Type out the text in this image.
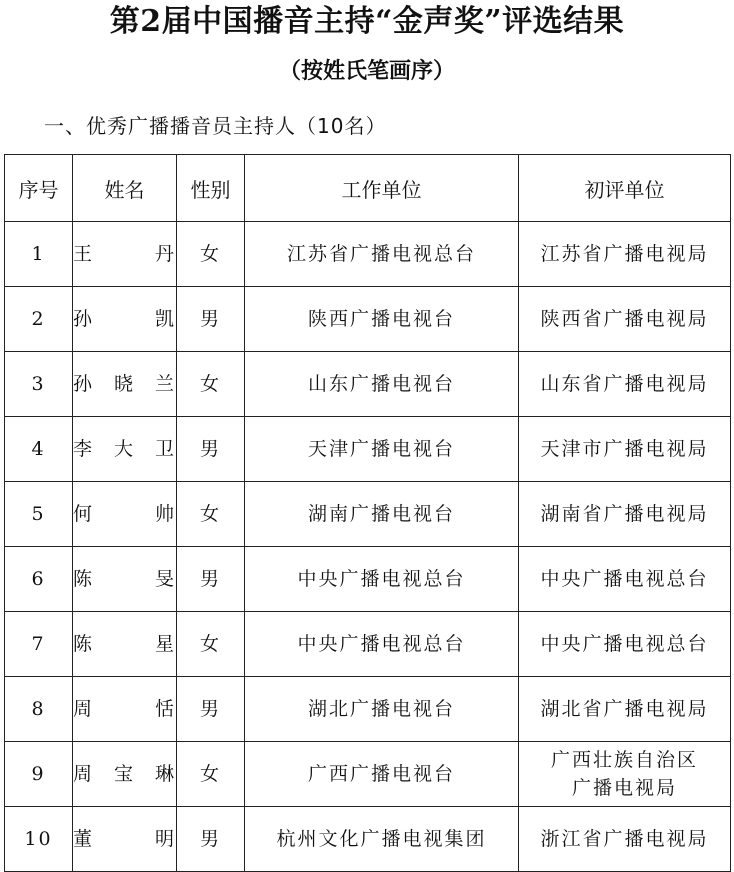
第2届中国播音主持“金声奖”评选结果
（按姓氏笔画序）
一、优秀广播播音员主持人（10名）
序号	姓名	性别	工作单位	初评单位
1	王 丹	女	江苏省广播电视总台	江苏省广播电视局

2	孙 凯	男	陕西广播电视台	陕西省广播电视局

3	孙晓兰	女	山东广播电视台	山东省广播电视局

4	李大卫	男	天津广播电视台	天津市广播电视局

5	何 帅	女	湖南广播电视台	湖南省广播电视局

6	陈 旻	男	中央广播电视总台	中央广播电视总台

7	陈 星	女	中央广播电视总台	中央广播电视总台

8	周 恬	男	湖北广播电视台	湖北省广播电视局

9	周宝琳	女	广西广播电视台	广西壮族自治区
广播电视局

10	董 明	男	杭州文化广播电视集团	浙江省广播电视局
